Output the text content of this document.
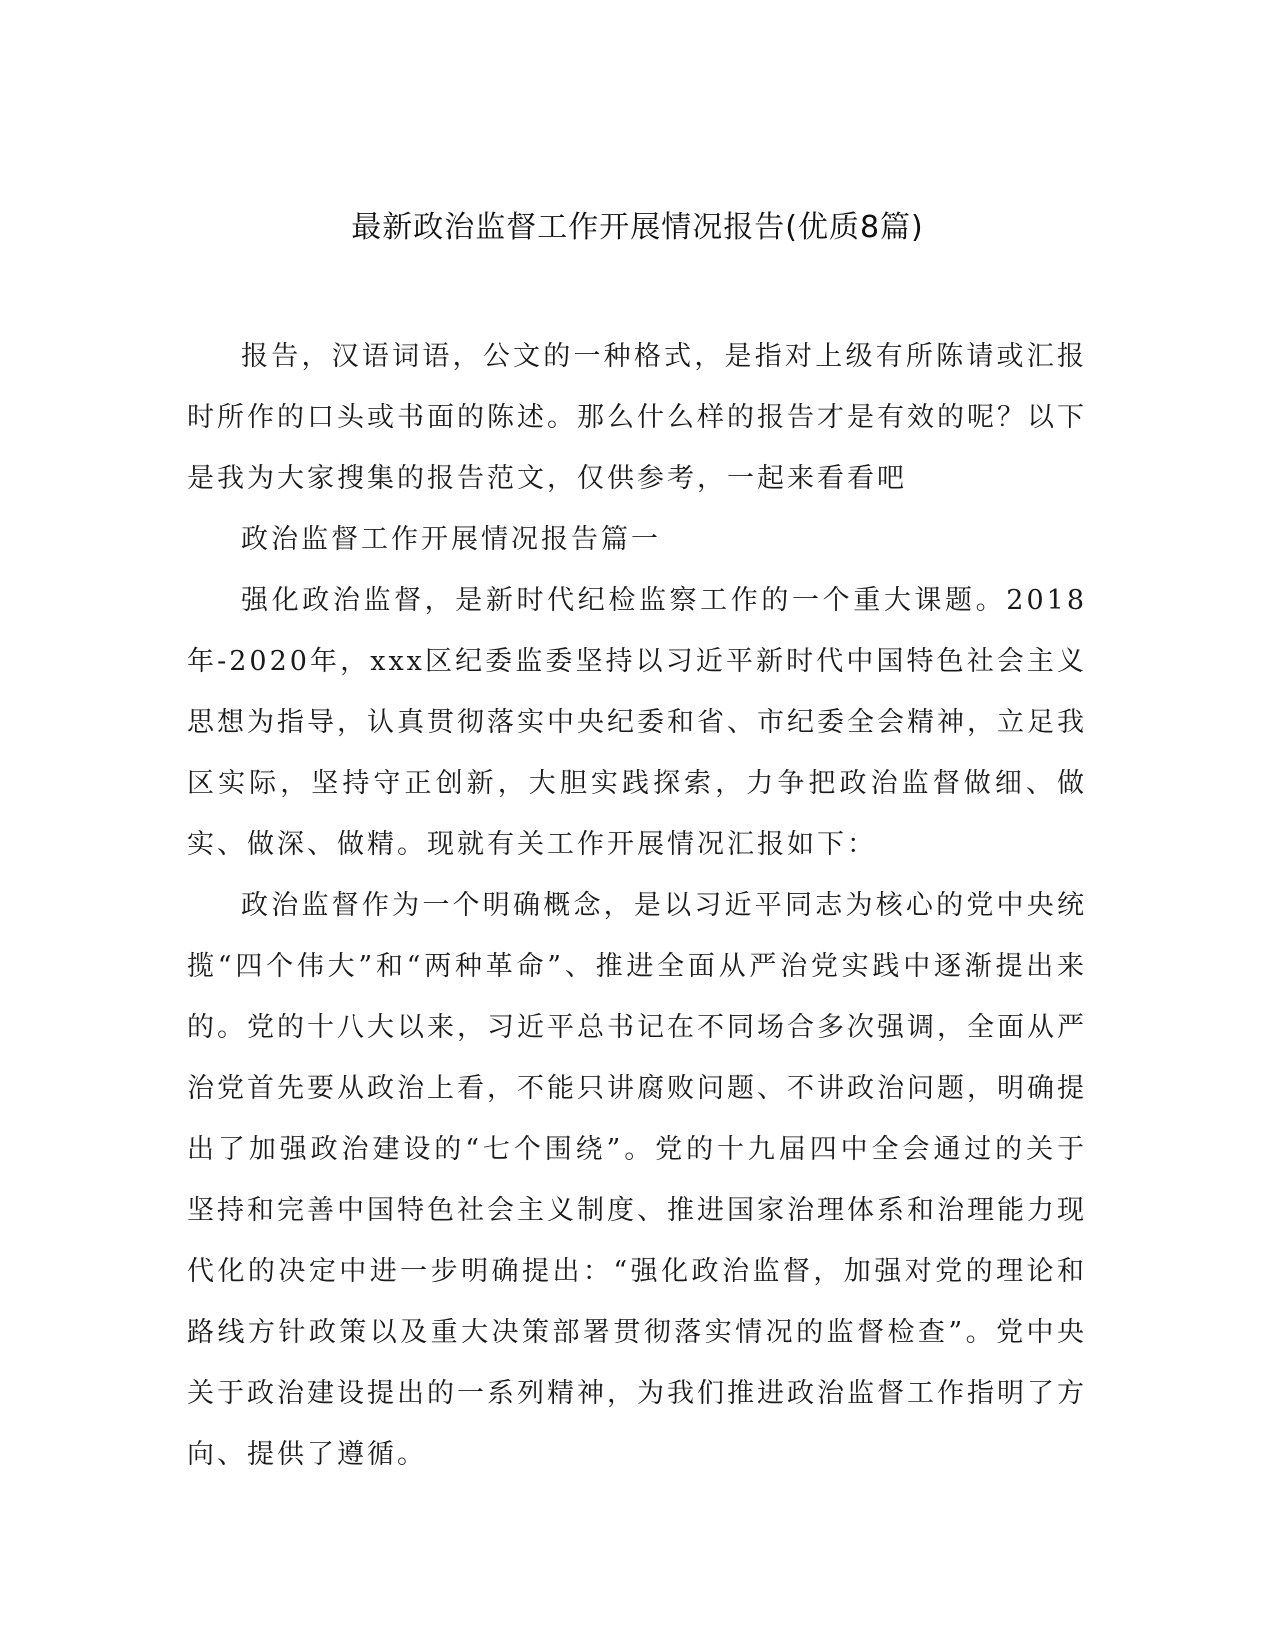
最新政治监督工作开展情况报告(优质8篇)

报告，汉语词语，公文的一种格式，是指对上级有所陈请或汇报时所作的口头或书面的陈述。那么什么样的报告才是有效的呢？以下是我为大家搜集的报告范文，仅供参考，一起来看看吧

政治监督工作开展情况报告篇一

强化政治监督，是新时代纪检监察工作的一个重大课题。2018年-2020年，xxx区纪委监委坚持以习近平新时代中国特色社会主义思想为指导，认真贯彻落实中央纪委和省、市纪委全会精神，立足我区实际，坚持守正创新，大胆实践探索，力争把政治监督做细、做实、做深、做精。现就有关工作开展情况汇报如下：

政治监督作为一个明确概念，是以习近平同志为核心的党中央统揽“四个伟大”和“两种革命”、推进全面从严治党实践中逐渐提出来的。党的十八大以来，习近平总书记在不同场合多次强调，全面从严治党首先要从政治上看，不能只讲腐败问题、不讲政治问题，明确提出了加强政治建设的“七个围绕”。党的十九届四中全会通过的关于坚持和完善中国特色社会主义制度、推进国家治理体系和治理能力现代化的决定中进一步明确提出：“强化政治监督，加强对党的理论和路线方针政策以及重大决策部署贯彻落实情况的监督检查”。党中央关于政治建设提出的一系列精神，为我们推进政治监督工作指明了方向、提供了遵循。
